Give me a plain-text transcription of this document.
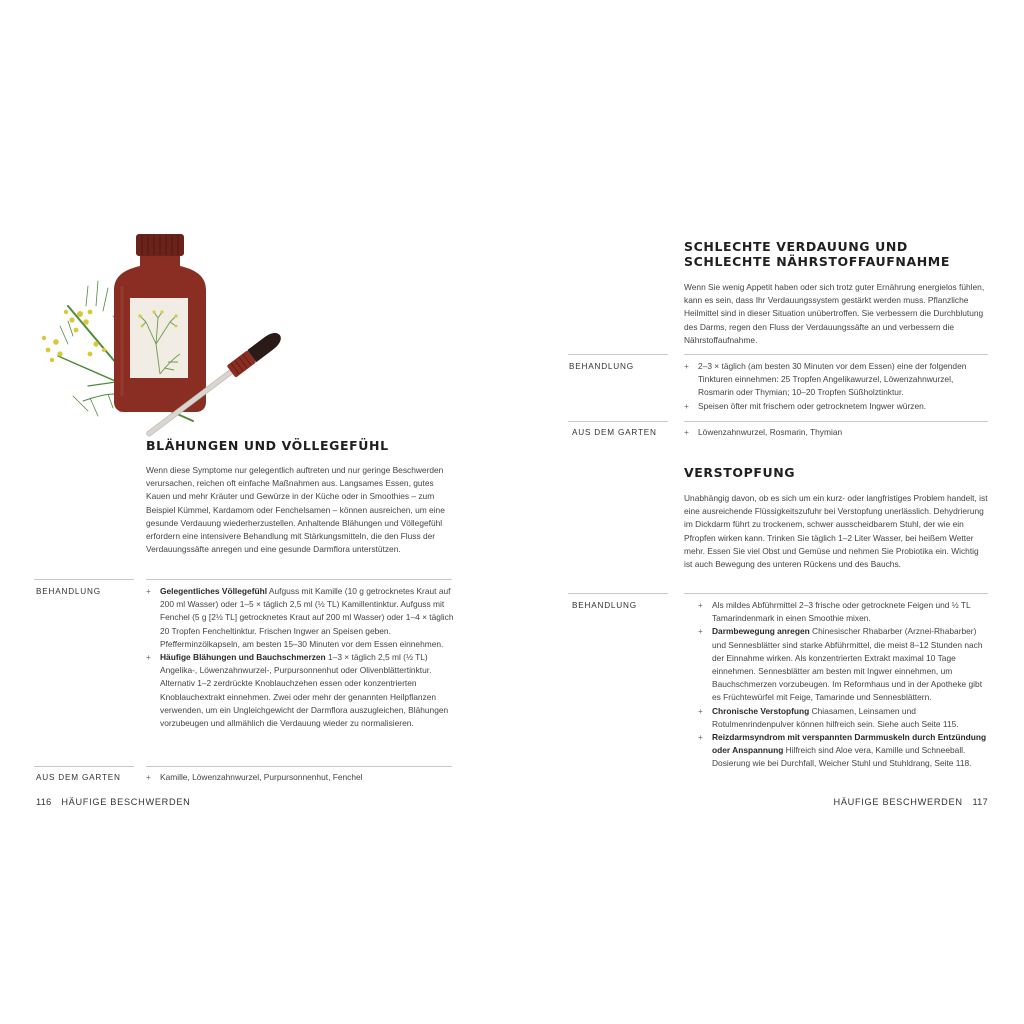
BLÄHUNGEN UND VÖLLEGEFÜHL

Wenn diese Symptome nur gelegentlich auftreten und nur geringe Beschwerden verursachen, reichen oft einfache Maßnahmen aus. Langsames Essen, gutes Kauen und mehr Kräuter und Gewürze in der Küche oder in Smoothies – zum Beispiel Kümmel, Kardamom oder Fenchelsamen – können ausreichen, um eine gesunde Verdauung wiederherzustellen. Anhaltende Blähungen und Völlegefühl erfordern eine intensivere Behandlung mit Stärkungsmitteln, die den Fluss der Verdauungssäfte anregen und eine gesunde Darmflora unterstützen.

BEHANDLUNG	+ Gelegentliches Völlegefühl Aufguss mit Kamille (10 g getrocknetes Kraut auf 200 ml Wasser) oder 1–5 × täglich 2,5 ml (½ TL) Kamillentinktur. Aufguss mit Fenchel (5 g [2½ TL] getrocknetes Kraut auf 200 ml Wasser) oder 1–4 × täglich 20 Tropfen Fencheltinktur. Frischen Ingwer an Speisen geben. Pfefferminzölkapseln, am besten 15–30 Minuten vor dem Essen einnehmen.
+ Häufige Blähungen und Bauchschmerzen 1–3 × täglich 2,5 ml (½ TL) Angelika-, Löwenzahnwurzel-, Purpursonnenhut oder Olivenblättertinktur. Alternativ 1–2 zerdrückte Knoblauchzehen essen oder konzentrierten Knoblauchextrakt einnehmen. Zwei oder mehr der genannten Heilpflanzen verwenden, um ein Ungleichgewicht der Darmflora auszugleichen, Blähungen vorzubeugen und allmählich die Verdauung wieder zu normalisieren.
AUS DEM GARTEN	+ Kamille, Löwenzahnwurzel, Purpursonnenhut, Fenchel
116 HÄUFIGE BESCHWERDEN
SCHLECHTE VERDAUUNG UND
SCHLECHTE NÄHRSTOFFAUFNAHME

Wenn Sie wenig Appetit haben oder sich trotz guter Ernährung energielos fühlen, kann es sein, dass Ihr Verdauungssystem gestärkt werden muss. Pflanzliche Heilmittel sind in dieser Situation unübertroffen. Sie verbessern die Durchblutung des Darms, regen den Fluss der Verdauungssäfte an und verbessern die Nährstoffaufnahme.

BEHANDLUNG	+ 2–3 × täglich (am besten 30 Minuten vor dem Essen) eine der folgenden Tinkturen einnehmen: 25 Tropfen Angelikawurzel, Löwenzahnwurzel, Rosmarin oder Thymian; 10–20 Tropfen Süßholztinktur.
+ Speisen öfter mit frischem oder getrocknetem Ingwer würzen.
AUS DEM GARTEN	+ Löwenzahnwurzel, Rosmarin, Thymian
VERSTOPFUNG

Unabhängig davon, ob es sich um ein kurz- oder langfristiges Problem handelt, ist eine ausreichende Flüssigkeitszufuhr bei Verstopfung unerlässlich. Dehydrierung im Dickdarm führt zu trockenem, schwer ausscheidbarem Stuhl, der wie ein Pfropfen wirken kann. Trinken Sie täglich 1–2 Liter Wasser, bei heißem Wetter mehr. Essen Sie viel Obst und Gemüse und nehmen Sie Probiotika ein. Wichtig ist auch Bewegung des unteren Rückens und des Bauchs.

BEHANDLUNG	+ Als mildes Abführmittel 2–3 frische oder getrocknete Feigen und ½ TL Tamarindenmark in einen Smoothie mixen.
+ Darmbewegung anregen Chinesischer Rhabarber (Arznei-Rhabarber) und Sennesblätter sind starke Abführmittel, die meist 8–12 Stunden nach der Einnahme wirken. Als konzentrierten Extrakt maximal 10 Tage einnehmen. Sennesblätter am besten mit Ingwer einnehmen, um Bauchschmerzen vorzubeugen. Im Reformhaus und in der Apotheke gibt es Früchtewürfel mit Feige, Tamarinde und Sennesblättern.
+ Chronische Verstopfung Chiasamen, Leinsamen und Rotulmenrindenpulver können hilfreich sein. Siehe auch Seite 115.
+ Reizdarmsyndrom mit verspannten Darmmuskeln durch Entzündung oder Anspannung Hilfreich sind Aloe vera, Kamille und Schneeball. Dosierung wie bei Durchfall, Weicher Stuhl und Stuhldrang, Seite 118.
HÄUFIGE BESCHWERDEN 117
